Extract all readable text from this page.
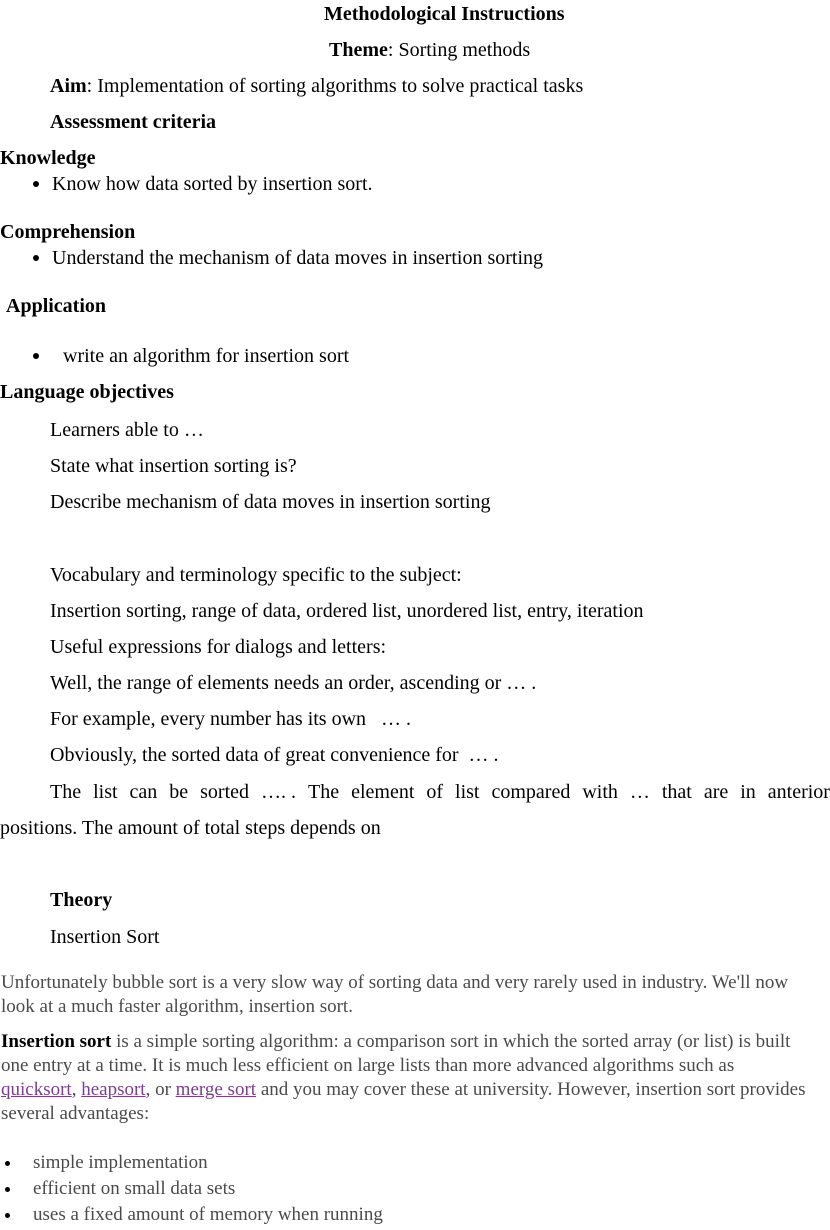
Methodological Instructions
Theme: Sorting methods
Aim: Implementation of sorting algorithms to solve practical tasks
Assessment criteria
Knowledge
Know how data sorted by insertion sort.
Comprehension
Understand the mechanism of data moves in insertion sorting
Application
write an algorithm for insertion sort
Language objectives
Learners able to …
State what insertion sorting is?
Describe mechanism of data moves in insertion sorting
Vocabulary and terminology specific to the subject:
Insertion sorting, range of data, ordered list, unordered list, entry, iteration
Useful expressions for dialogs and letters:
Well, the range of elements needs an order, ascending or … .
For example, every number has its own   … .
Obviously, the sorted data of great convenience for  … .
The list can be sorted …. . The element of list compared with … that are in anterior
positions. The amount of total steps depends on
Theory
Insertion Sort
Unfortunately bubble sort is a very slow way of sorting data and very rarely used in industry. We'll now look at a much faster algorithm, insertion sort.
Insertion sort is a simple sorting algorithm: a comparison sort in which the sorted array (or list) is built one entry at a time. It is much less efficient on large lists than more advanced algorithms such as quicksort, heapsort, or merge sort and you may cover these at university. However, insertion sort provides several advantages:
simple implementation
efficient on small data sets
uses a fixed amount of memory when running
